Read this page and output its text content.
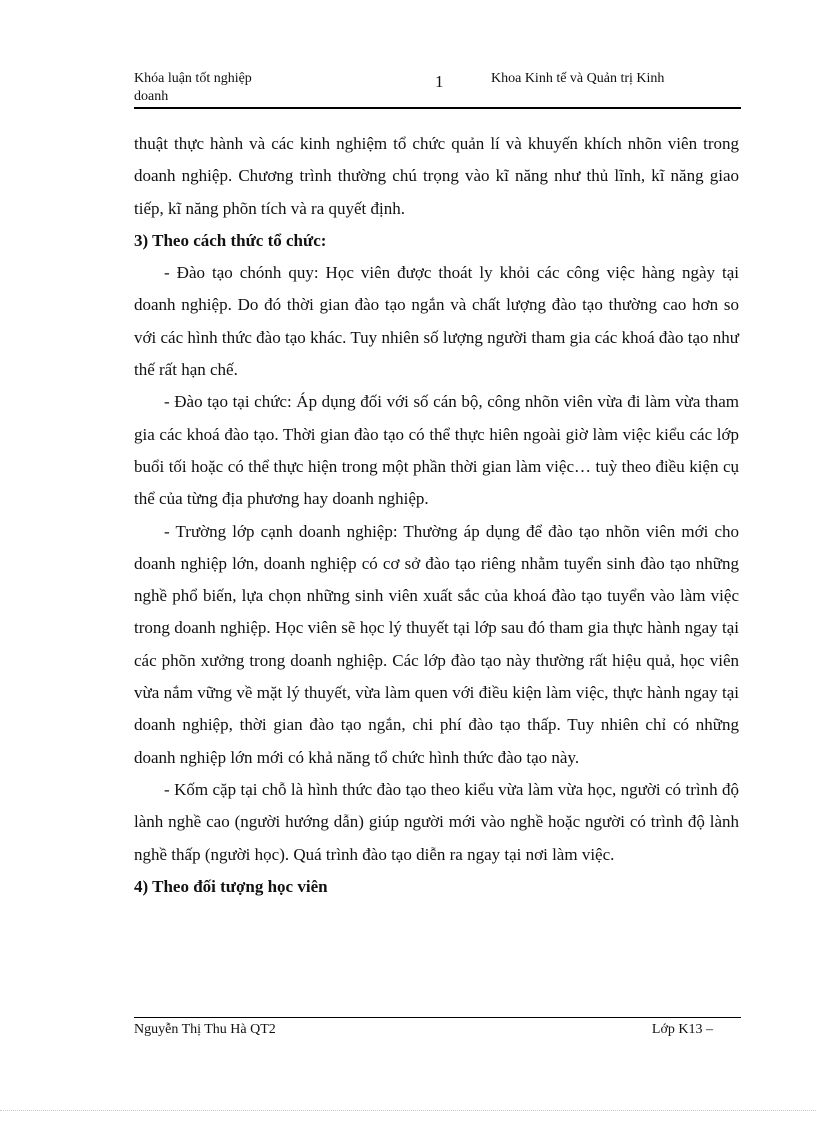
Khóa luận tốt nghiệp doanh
1	Khoa Kinh tế và Quản trị Kinh

thuật thực hành và các kinh nghiệm tổ chức quản lí và khuyến khích nhõn viên trong doanh nghiệp. Chương trình thường chú trọng vào kĩ năng như thủ lĩnh, kĩ năng giao tiếp, kĩ năng phõn tích và ra quyết định.

3) Theo cách thức tổ chức:

- Đào tạo chónh quy: Học viên được thoát ly khỏi các công việc hàng ngày tại doanh nghiệp. Do đó thời gian đào tạo ngắn và chất lượng đào tạo thường cao hơn so với các hình thức đào tạo khác. Tuy nhiên số lượng người tham gia các khoá đào tạo như thế rất hạn chế.

- Đào tạo tại chức: Áp dụng đối với số cán bộ, công nhõn viên vừa đi làm vừa tham gia các khoá đào tạo. Thời gian đào tạo có thể thực hiên ngoài giờ làm việc kiểu các lớp buổi tối hoặc có thể thực hiện trong một phần thời gian làm việc… tuỳ theo điều kiện cụ thể của từng địa phương hay doanh nghiệp.

- Trường lớp cạnh doanh nghiệp: Thường áp dụng để đào tạo nhõn viên mới cho doanh nghiệp lớn, doanh nghiệp có cơ sở đào tạo riêng nhằm tuyển sinh đào tạo những nghề phổ biến, lựa chọn những sinh viên xuất sắc của khoá đào tạo tuyển vào làm việc trong doanh nghiệp. Học viên sẽ học lý thuyết tại lớp sau đó tham gia thực hành ngay tại các phõn xưởng trong doanh nghiệp. Các lớp đào tạo này thường rất hiệu quả, học viên vừa nắm vững về mặt lý thuyết, vừa làm quen với điều kiện làm việc, thực hành ngay tại doanh nghiệp, thời gian đào tạo ngắn, chi phí đào tạo thấp. Tuy nhiên chỉ có những doanh nghiệp lớn mới có khả năng tổ chức hình thức đào tạo này.

- Kốm cặp tại chỗ là hình thức đào tạo theo kiểu vừa làm vừa học, người có trình độ lành nghề cao (người hướng dẫn) giúp người mới vào nghề hoặc người có trình độ lành nghề thấp (người học). Quá trình đào tạo diễn ra ngay tại nơi làm việc.

4) Theo đối tượng học viên

Nguyễn Thị Thu Hà QT2	Lớp K13 –
